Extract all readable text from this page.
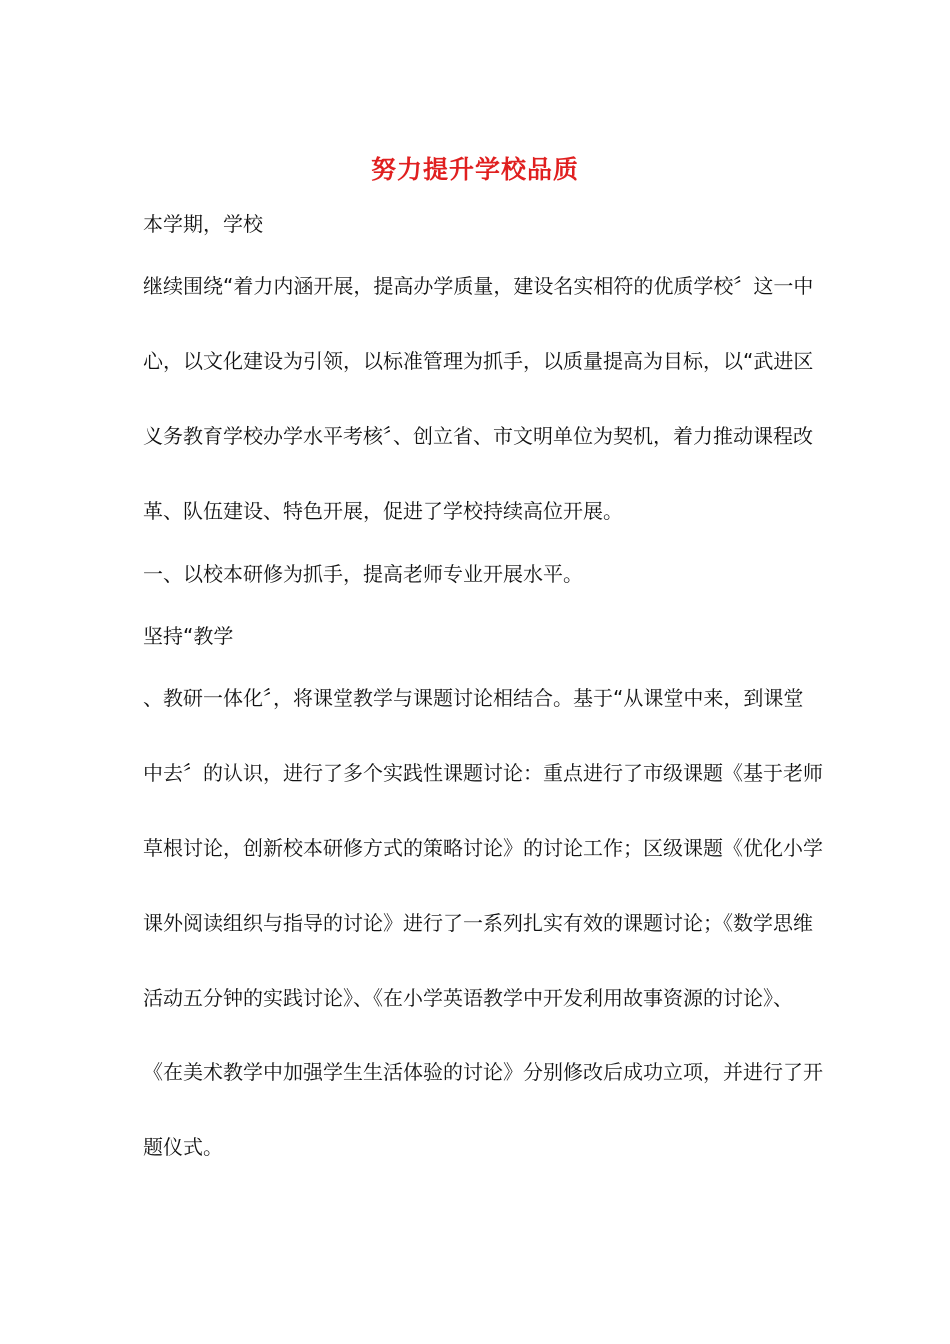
努力提升学校品质
本学期，学校
继续围绕“着力内涵开展，提高办学质量，建设名实相符的优质学校〞这一中
心，以文化建设为引领，以标准管理为抓手，以质量提高为目标，以“武进区
义务教育学校办学水平考核〞、创立省、市文明单位为契机，着力推动课程改
革、队伍建设、特色开展，促进了学校持续高位开展。
一、以校本研修为抓手，提高老师专业开展水平。
坚持“教学
、教研一体化〞，将课堂教学与课题讨论相结合。基于“从课堂中来，到课堂
中去〞的认识，进行了多个实践性课题讨论：重点进行了市级课题《基于老师
草根讨论，创新校本研修方式的策略讨论》的讨论工作；区级课题《优化小学
课外阅读组织与指导的讨论》进行了一系列扎实有效的课题讨论；《数学思维
活动五分钟的实践讨论》、《在小学英语教学中开发利用故事资源的讨论》、
《在美术教学中加强学生生活体验的讨论》分别修改后成功立项，并进行了开
题仪式。
